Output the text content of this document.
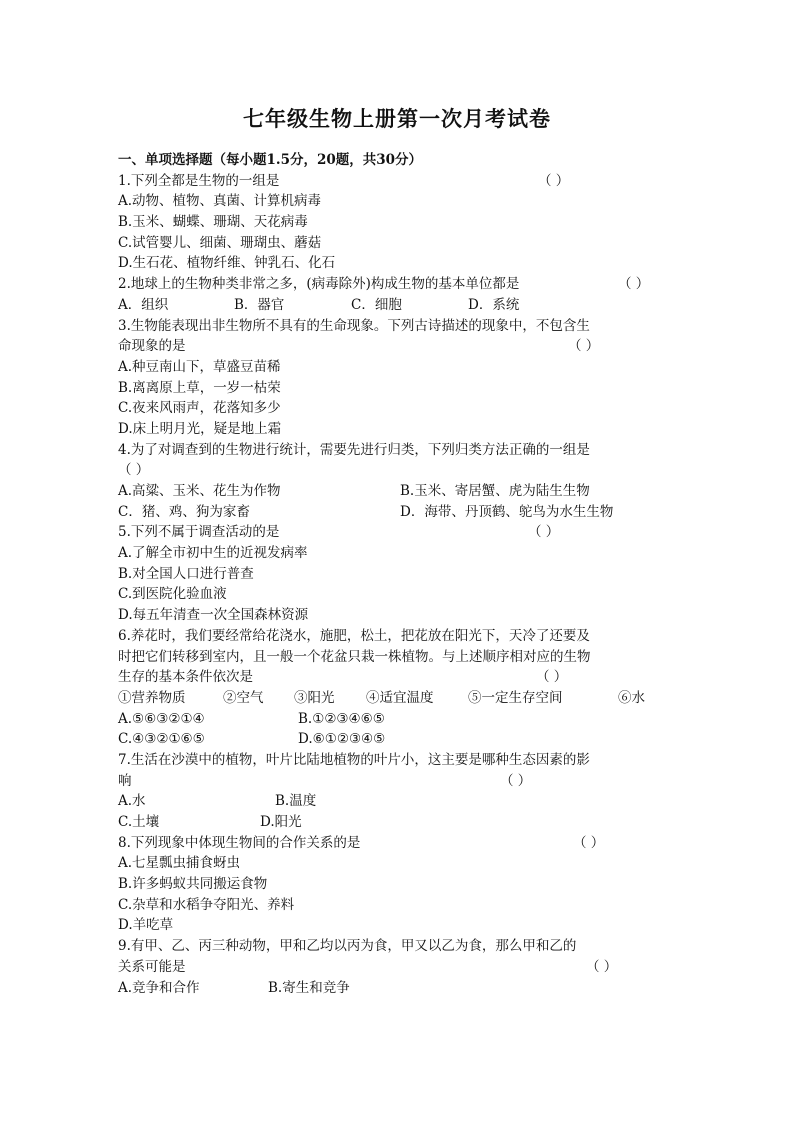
七年级生物上册第一次月考试卷
一、单项选择题（每小题1.5分，20题，共30分）
1.下列全都是生物的一组是	（ ）
A.动物、植物、真菌、计算机病毒
B.玉米、蝴蝶、珊瑚、天花病毒
C.试管婴儿、细菌、珊瑚虫、蘑菇
D.生石花、植物纤维、钟乳石、化石
2.地球上的生物种类非常之多，(病毒除外)构成生物的基本单位都是	（ ）
A．组织	B．器官	C．细胞	D．系统
3.生物能表现出非生物所不具有的生命现象。下列古诗描述的现象中，不包含生
命现象的是	（ ）
A.种豆南山下，草盛豆苗稀
B.离离原上草，一岁一枯荣
C.夜来风雨声，花落知多少
D.床上明月光，疑是地上霜
4.为了对调查到的生物进行统计，需要先进行归类，下列归类方法正确的一组是
（ ）
A.高粱、玉米、花生为作物	B.玉米、寄居蟹、虎为陆生生物
C．猪、鸡、狗为家畜	D．海带、丹顶鹤、鸵鸟为水生生物
5.下列不属于调查活动的是	（ ）
A.了解全市初中生的近视发病率
B.对全国人口进行普查
C.到医院化验血液
D.每五年清查一次全国森林资源
6.养花时，我们要经常给花浇水，施肥，松土，把花放在阳光下，天冷了还要及
时把它们转移到室内，且一般一个花盆只栽一株植物。与上述顺序相对应的生物
生存的基本条件依次是	（ ）
①营养物质	②空气 ③阳光 ④适宜温度	⑤一定生存空间	⑥水
A.⑤⑥③②①④	B.①②③④⑥⑤
C.④③②①⑥⑤	D.⑥①②③④⑤
7.生活在沙漠中的植物，叶片比陆地植物的叶片小，这主要是哪种生态因素的影
响	（ ）
A.水	B.温度
C.土壤	D.阳光
8.下列现象中体现生物间的合作关系的是	（ ）
A.七星瓢虫捕食蚜虫
B.许多蚂蚁共同搬运食物
C.杂草和水稻争夺阳光、养料
D.羊吃草
9.有甲、乙、丙三种动物，甲和乙均以丙为食，甲又以乙为食，那么甲和乙的
关系可能是	（ ）
A.竞争和合作	B.寄生和竞争
